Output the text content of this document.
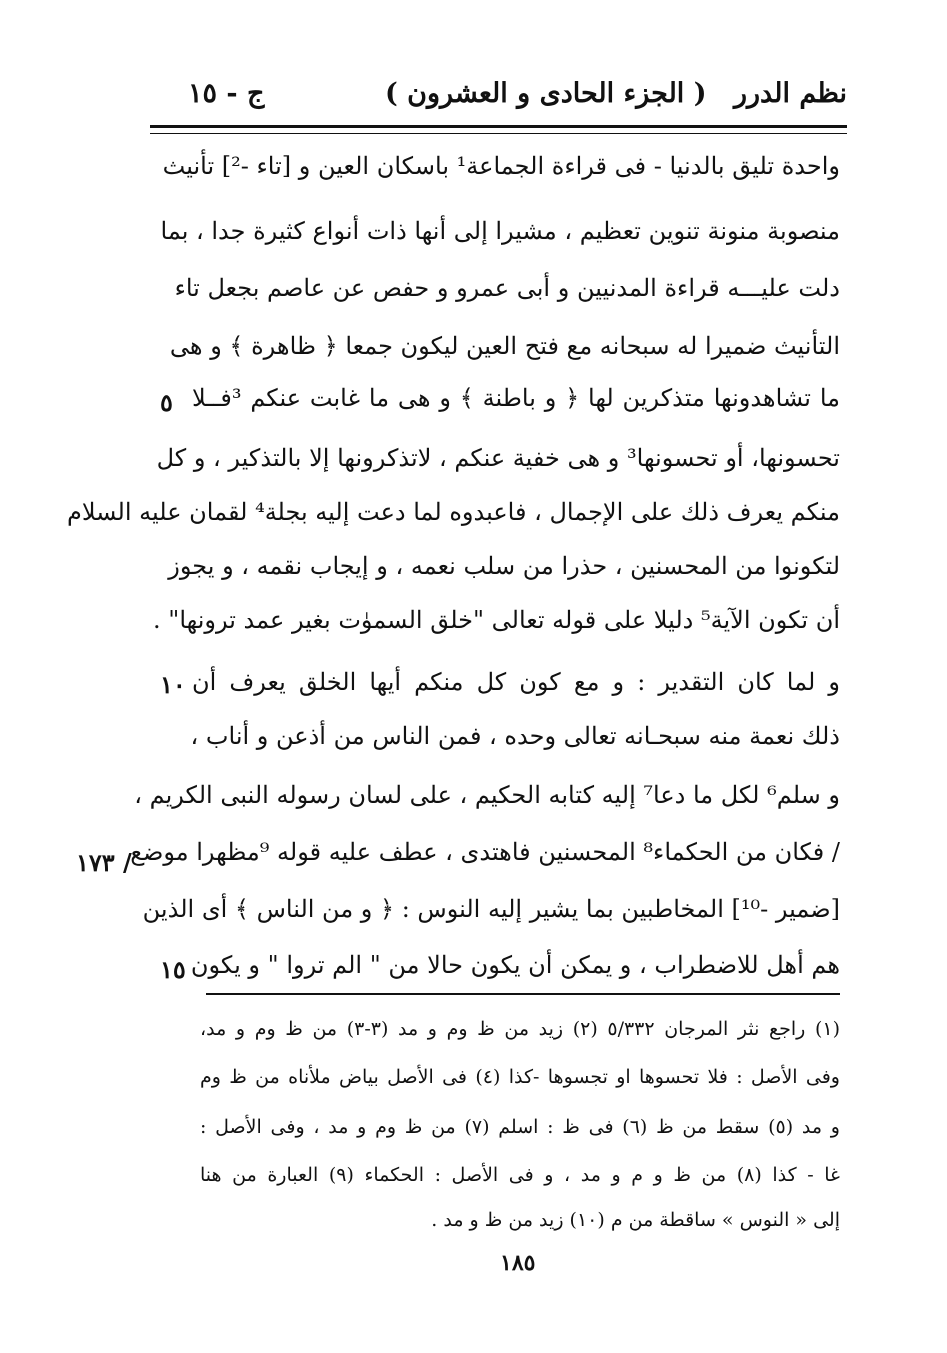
نظم الدرر
( الجزء الحادى و العشرون )
ج - ١٥
واحدة تليق بالدنيا - فى قراءة الجماعة¹ باسكان العين و [تاء -²] تأنيث
منصوبة منونة تنوين تعظيم ، مشيرا إلى أنها ذات أنواع كثيرة جدا ، بما
دلت عليـــه قراءة المدنيين و أبى عمرو و حفص عن عاصم بجعل تاء
التأنيث ضميرا له سبحانه مع فتح العين ليكون جمعا ﴿ ظاهرة ﴾ و هى
ما تشاهدونها متذكرين لها ﴿ و باطنة ﴾ و هى ما غابت عنكم ³فــلا
تحسونها، أو تحسونها³ و هى خفية عنكم ، لاتذكرونها إلا بالتذكير ، و كل
منكم يعرف ذلك على الإجمال ، فاعبدوه لما دعت إليه بجلة⁴ لقمان عليه السلام
لتكونوا من المحسنين ، حذرا من سلب نعمه ، و إيجاب نقمه ، و يجوز
أن تكون الآية⁵ دليلا على قوله تعالى "خلق السموٰت بغير عمد ترونها" .
و لما كان التقدير : و مع كون كل منكم أيها الخلق يعرف أن
ذلك نعمة منه سبحـانه تعالى وحده ، فمن الناس من أذعن و أناب ،
و سلم⁶ لكل ما دعا⁷ إليه كتابه الحكيم ، على لسان رسوله النبى الكريم ،
/ فكان من الحكماء⁸ المحسنين فاهتدى ، عطف عليه قوله ⁹مظهرا موضع
[ضمير -¹⁰] المخاطبين بما يشير إليه النوس : ﴿ و من الناس ﴾ أى الذين
هم أهل للاضطراب ، و يمكن أن يكون حالا من " الم تروا " و يكون
٥
١٠
١٥
/ ١٧٣
(١) راجع نثر المرجان ٥/٣٣٢ (٢) زيد من ظ وم و مد (٣-٣) من ظ وم و مد،
وفى الأصل : فلا تحسوها او تجسوها -كذا (٤) فى الأصل بياض ملأناه من ظ وم
و مد (٥) سقط من ظ (٦) فى ظ : اسلم (٧) من ظ وم و مد ، وفى الأصل :
غا - كذا (٨) من ظ و م و مد ، و فى الأصل : الحكماء (٩) العبارة من هنا
إلى « النوس » ساقطة من م (١٠) زيد من ظ و مد .
١٨٥
